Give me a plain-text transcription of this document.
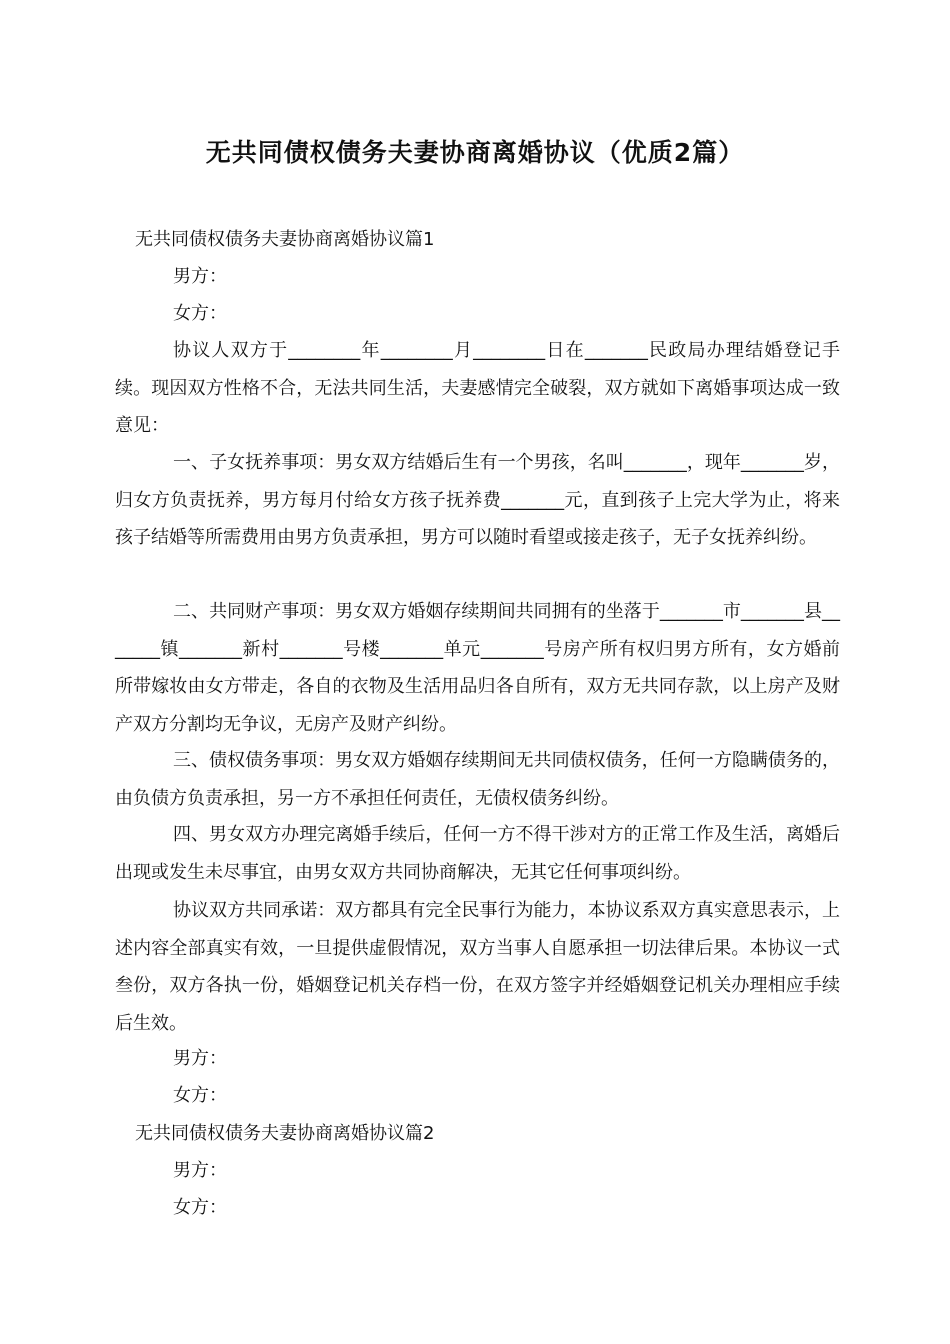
无共同债权债务夫妻协商离婚协议（优质2篇）
无共同债权债务夫妻协商离婚协议篇1
男方：
女方：
协议人双方于________年________月________日在_______民政局办理结婚登记手续。现因双方性格不合，无法共同生活，夫妻感情完全破裂，双方就如下离婚事项达成一致意见：
一、子女抚养事项：男女双方结婚后生有一个男孩，名叫_______，现年_______岁，归女方负责抚养，男方每月付给女方孩子抚养费_______元，直到孩子上完大学为止，将来孩子结婚等所需费用由男方负责承担，男方可以随时看望或接走孩子，无子女抚养纠纷。
二、共同财产事项：男女双方婚姻存续期间共同拥有的坐落于_______市_______县_______镇_______新村_______号楼_______单元_______号房产所有权归男方所有，女方婚前所带嫁妆由女方带走，各自的衣物及生活用品归各自所有，双方无共同存款，以上房产及财产双方分割均无争议，无房产及财产纠纷。
三、债权债务事项：男女双方婚姻存续期间无共同债权债务，任何一方隐瞒债务的，由负债方负责承担，另一方不承担任何责任，无债权债务纠纷。
四、男女双方办理完离婚手续后，任何一方不得干涉对方的正常工作及生活，离婚后出现或发生未尽事宜，由男女双方共同协商解决，无其它任何事项纠纷。
协议双方共同承诺：双方都具有完全民事行为能力，本协议系双方真实意思表示，上述内容全部真实有效，一旦提供虚假情况，双方当事人自愿承担一切法律后果。本协议一式叁份，双方各执一份，婚姻登记机关存档一份，在双方签字并经婚姻登记机关办理相应手续后生效。
男方：
女方：
无共同债权债务夫妻协商离婚协议篇2
男方：
女方：
